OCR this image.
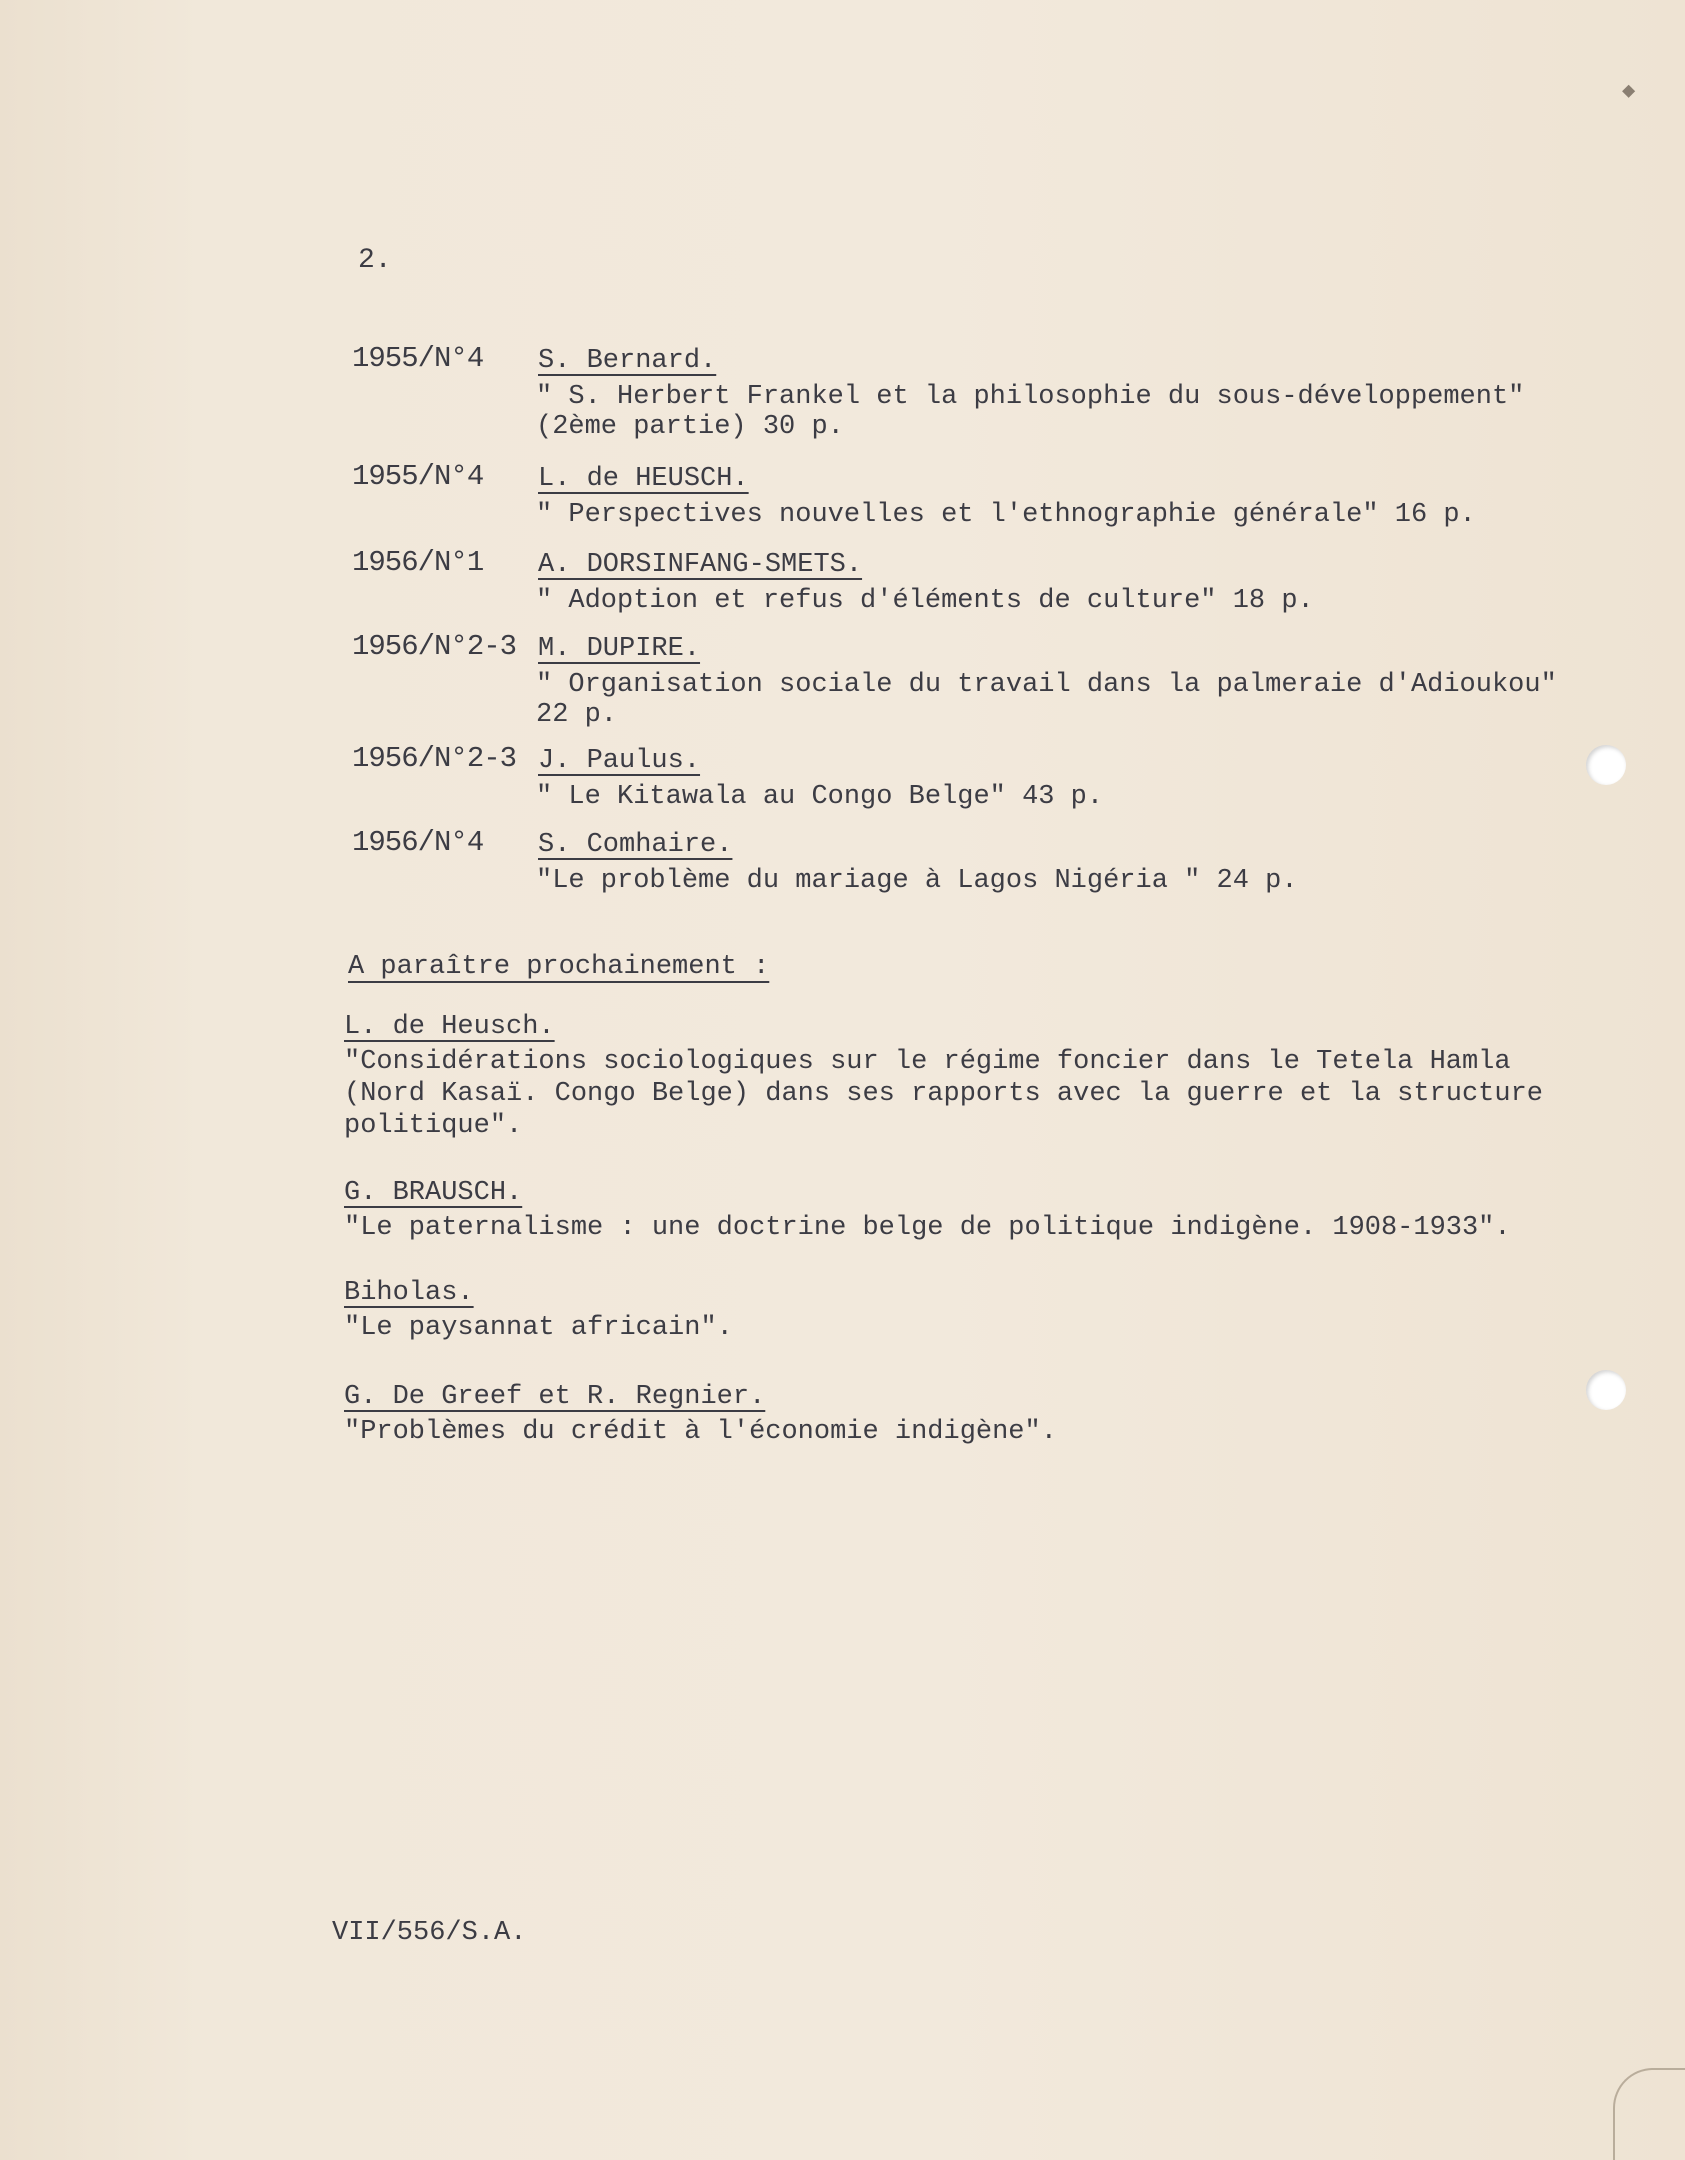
◆
2.
1955/N°4 S. Bernard.
" S. Herbert Frankel et la philosophie du sous-développement" (2ème partie) 30 p.
1955/N°4 L. de HEUSCH.
" Perspectives nouvelles et l'ethnographie générale" 16 p.
1956/N°1 A. DORSINFANG-SMETS.
" Adoption et refus d'éléments de culture" 18 p.
1956/N°2-3 M. DUPIRE.
" Organisation sociale du travail dans la palmeraie d'Adioukou" 22 p.
1956/N°2-3 J. Paulus.
" Le Kitawala au Congo Belge" 43 p.
1956/N°4 S. Comhaire.
"Le problème du mariage à Lagos Nigéria " 24 p.
A paraître prochainement :
L. de Heusch.
"Considérations sociologiques sur le régime foncier dans le Tetela Hamla (Nord Kasaï. Congo Belge) dans ses rapports avec la guerre et la structure politique".
G. BRAUSCH.
"Le paternalisme : une doctrine belge de politique indigène. 1908-1933".
Biholas.
"Le paysannat africain".
G. De Greef et R. Regnier.
"Problèmes du crédit à l'économie indigène".
VII/556/S.A.
